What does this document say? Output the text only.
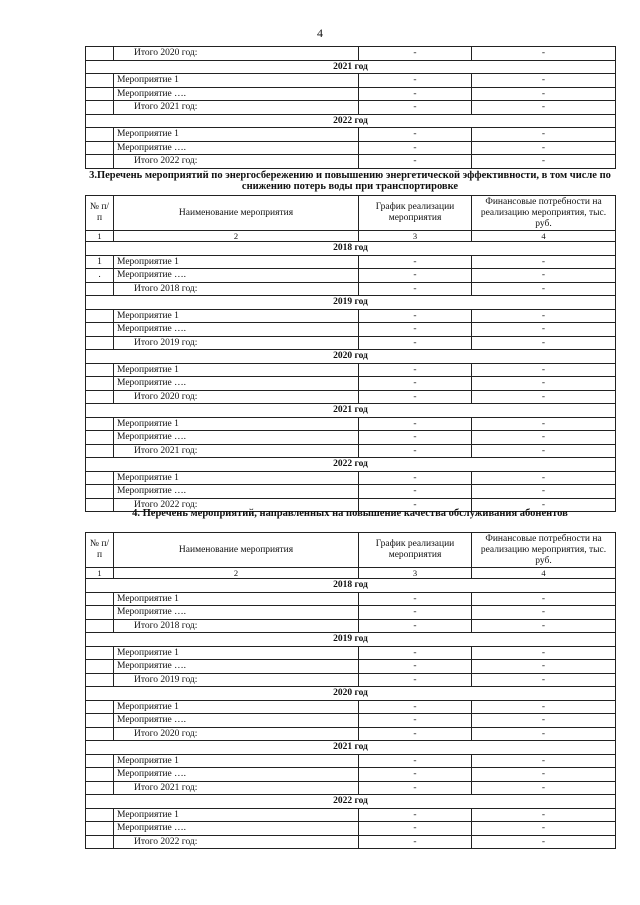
4
	Итого 2020 год:	-	-
2021 год			
	Мероприятие 1	-	-
	Мероприятие ….	-	-
	Итого 2021 год:	-	-
2022 год			
	Мероприятие 1	-	-
	Мероприятие ….	-	-
	Итого 2022 год:	-	-
3.Перечень мероприятий по энергосбережению и повышению энергетической эффективности, в том числе по снижению потерь воды при транспортировке
№ п/п	Наименование мероприятия	График реализации мероприятия	Финансовые потребности на реализацию мероприятия, тыс. руб.
1	2	3	4
2018 год			
1	Мероприятие 1	-	-
.	Мероприятие ….	-	-
	Итого 2018 год:	-	-
2019 год			
	Мероприятие 1	-	-
	Мероприятие ….	-	-
	Итого 2019 год:	-	-
2020 год			
	Мероприятие 1	-	-
	Мероприятие ….	-	-
	Итого 2020 год:	-	-
2021 год			
	Мероприятие 1	-	-
	Мероприятие ….	-	-
	Итого 2021 год:	-	-
2022 год			
	Мероприятие 1	-	-
	Мероприятие ….	-	-
	Итого 2022 год:	-	-
4. Перечень мероприятий, направленных на повышение качества обслуживания абонентов
№ п/п	Наименование мероприятия	График реализации мероприятия	Финансовые потребности на реализацию мероприятия, тыс. руб.
1	2	3	4
2018 год			
	Мероприятие 1	-	-
	Мероприятие ….	-	-
	Итого 2018 год:	-	-
2019 год			
	Мероприятие 1	-	-
	Мероприятие ….	-	-
	Итого 2019 год:	-	-
2020 год			
	Мероприятие 1	-	-
	Мероприятие ….	-	-
	Итого 2020 год:	-	-
2021 год			
	Мероприятие 1	-	-
	Мероприятие ….	-	-
	Итого 2021 год:	-	-
2022 год			
	Мероприятие 1	-	-
	Мероприятие ….	-	-
	Итого 2022 год:	-	-
